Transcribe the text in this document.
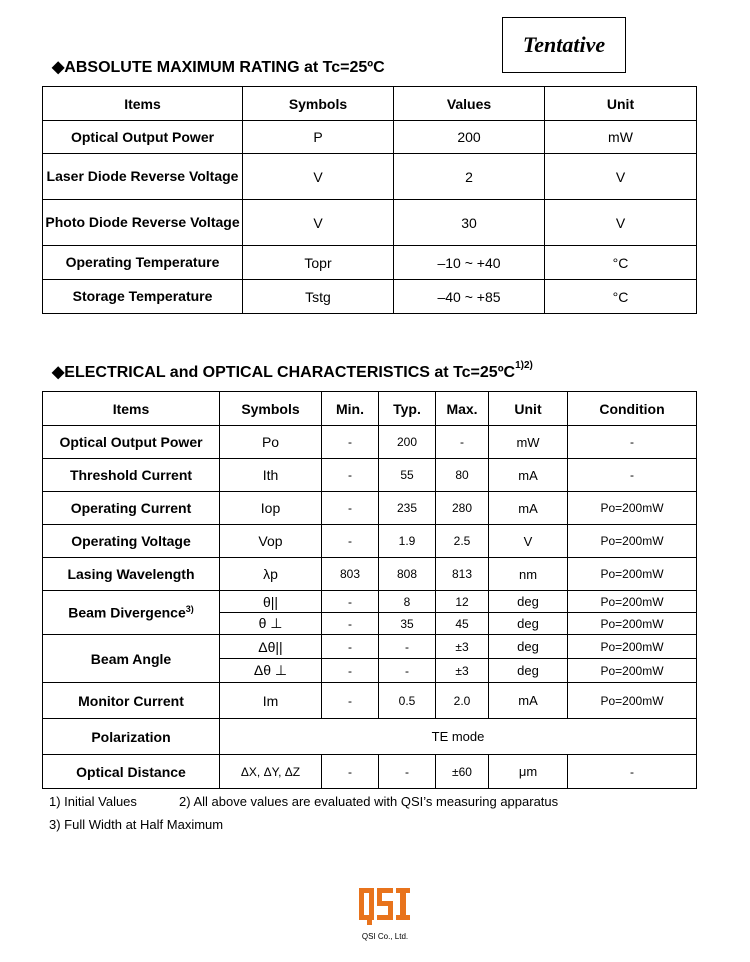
Tentative
◆ABSOLUTE MAXIMUM RATING at Tc=25ºC
Items	Symbols	Values	Unit
Optical Output Power	P	200	mW
Laser Diode Reverse Voltage	V	2	V
Photo Diode Reverse Voltage	V	30	V
Operating Temperature	Topr	–10 ~ +40	°C
Storage Temperature	Tstg	–40 ~ +85	°C
◆ELECTRICAL and OPTICAL CHARACTERISTICS at Tc=25ºC$^{1)2)}$
Items	Symbols	Min.	Typ.	Max.	Unit	Condition
Optical Output Power	Po	-	200	-	mW	-
Threshold Current	Ith	-	55	80	mA	-
Operating Current	Iop	-	235	280	mA	Po=200mW
Operating Voltage	Vop	-	1.9	2.5	V	Po=200mW
Lasing Wavelength	λp	803	808	813	nm	Po=200mW
Beam Divergence$^{3)}$	θ||	-	8	12	deg	Po=200mW
	θ ⊥	-	35	45	deg	Po=200mW
Beam Angle	Δθ||	-	-	±3	deg	Po=200mW
	Δθ ⊥	-	-	±3	deg	Po=200mW
Monitor Current	Im	-	0.5	2.0	mA	Po=200mW
Polarization	TE mode					
Optical Distance	ΔX, ΔY, ΔZ	-	-	±60	μm	-
1) Initial Values	2) All above values are evaluated with QSI’s measuring apparatus
3) Full Width at Half Maximum
QSI Co., Ltd.
